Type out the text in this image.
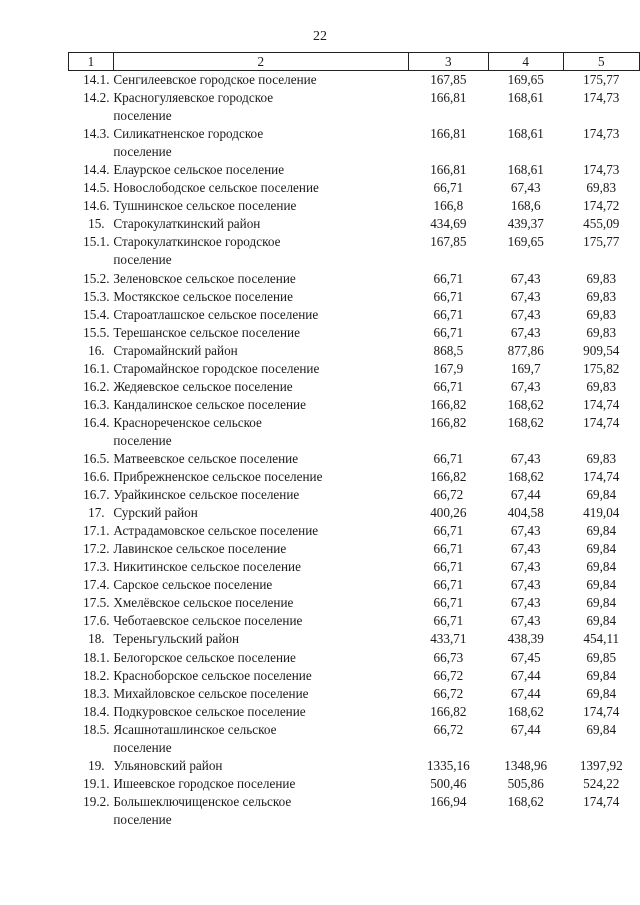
22
1	2	3	4	5
14.1.	Сенгилеевское городское поселение	167,85	169,65	175,77
14.2.	Красногуляевское городское
поселение	166,81	168,61	174,73
14.3.	Силикатненское городское
поселение	166,81	168,61	174,73
14.4.	Елаурское сельское поселение	166,81	168,61	174,73
14.5.	Новослободское сельское поселение	66,71	67,43	69,83
14.6.	Тушнинское сельское поселение	166,8	168,6	174,72
15.	Старокулаткинский район	434,69	439,37	455,09
15.1.	Старокулаткинское городское
поселение	167,85	169,65	175,77
15.2.	Зеленовское сельское поселение	66,71	67,43	69,83
15.3.	Мостякское сельское поселение	66,71	67,43	69,83
15.4.	Староатлашское сельское поселение	66,71	67,43	69,83
15.5.	Терешанское сельское поселение	66,71	67,43	69,83
16.	Старомайнский район	868,5	877,86	909,54
16.1.	Старомайнское городское поселение	167,9	169,7	175,82
16.2.	Жедяевское сельское поселение	66,71	67,43	69,83
16.3.	Кандалинское сельское поселение	166,82	168,62	174,74
16.4.	Краснореченское сельское
поселение	166,82	168,62	174,74
16.5.	Матвеевское сельское поселение	66,71	67,43	69,83
16.6.	Прибрежненское сельское поселение	166,82	168,62	174,74
16.7.	Урайкинское сельское поселение	66,72	67,44	69,84
17.	Сурский район	400,26	404,58	419,04
17.1.	Астрадамовское сельское поселение	66,71	67,43	69,84
17.2.	Лавинское сельское поселение	66,71	67,43	69,84
17.3.	Никитинское сельское поселение	66,71	67,43	69,84
17.4.	Сарское сельское поселение	66,71	67,43	69,84
17.5.	Хмелёвское сельское поселение	66,71	67,43	69,84
17.6.	Чеботаевское сельское поселение	66,71	67,43	69,84
18.	Тереньгульский район	433,71	438,39	454,11
18.1.	Белогорское сельское поселение	66,73	67,45	69,85
18.2.	Красноборское сельское поселение	66,72	67,44	69,84
18.3.	Михайловское сельское поселение	66,72	67,44	69,84
18.4.	Подкуровское сельское поселение	166,82	168,62	174,74
18.5.	Ясашноташлинское сельское
поселение	66,72	67,44	69,84
19.	Ульяновский район	1335,16	1348,96	1397,92
19.1.	Ишеевское городское поселение	500,46	505,86	524,22
19.2.	Большеключищенское сельское
поселение	166,94	168,62	174,74
